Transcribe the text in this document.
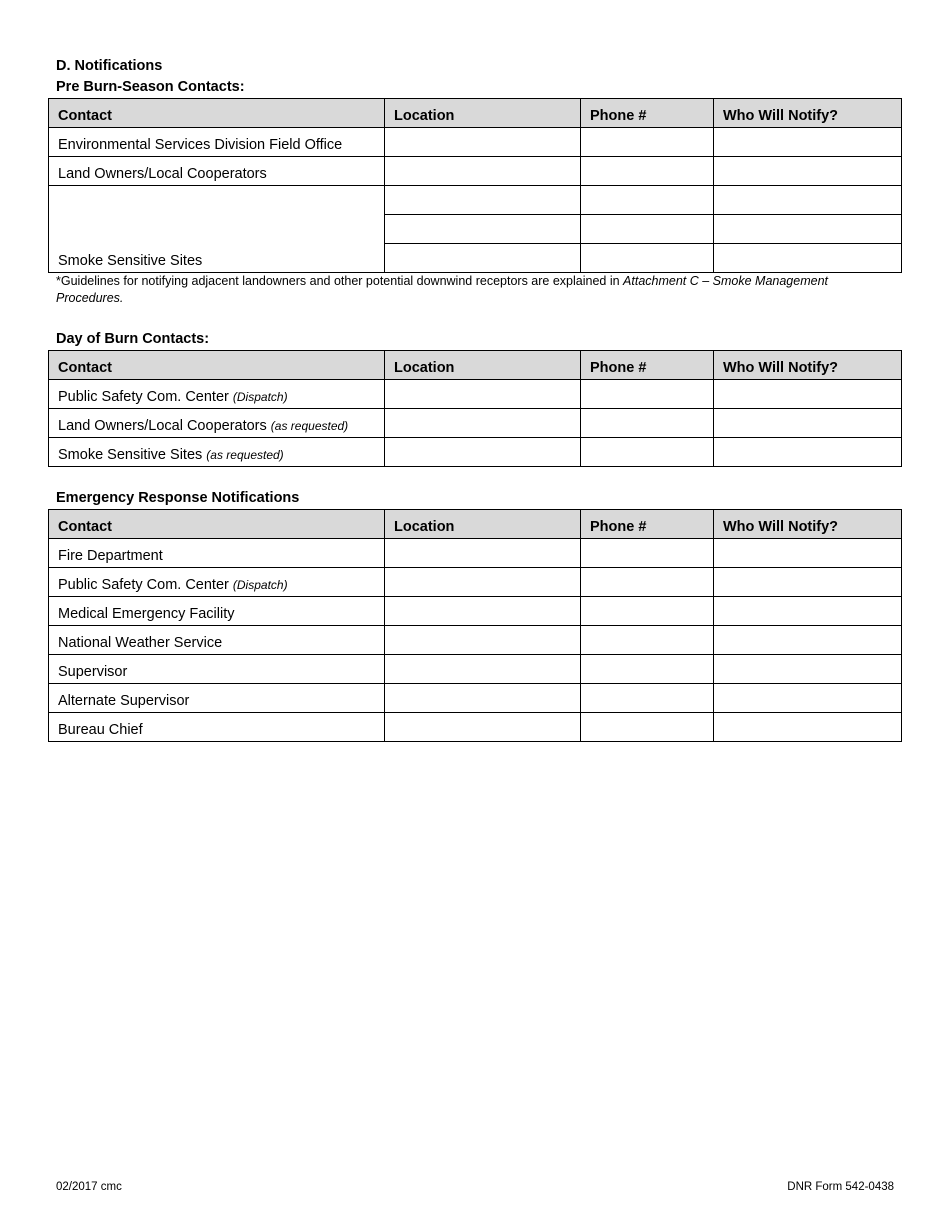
D. Notifications
Pre Burn-Season Contacts:
Contact	Location	Phone #	Who Will Notify?
Environmental Services Division Field Office			
Land Owners/Local Cooperators			
Smoke Sensitive Sites			

*Guidelines for notifying adjacent landowners and other potential downwind receptors are explained in Attachment C – Smoke Management Procedures.
Day of Burn Contacts:
Contact	Location	Phone #	Who Will Notify?
Public Safety Com. Center (Dispatch)			
Land Owners/Local Cooperators (as requested)			
Smoke Sensitive Sites (as requested)			
Emergency Response Notifications
Contact	Location	Phone #	Who Will Notify?
Fire Department			
Public Safety Com. Center (Dispatch)			
Medical Emergency Facility			
National Weather Service			
Supervisor			
Alternate Supervisor			
Bureau Chief			
02/2017 cmc	DNR Form 542-0438
